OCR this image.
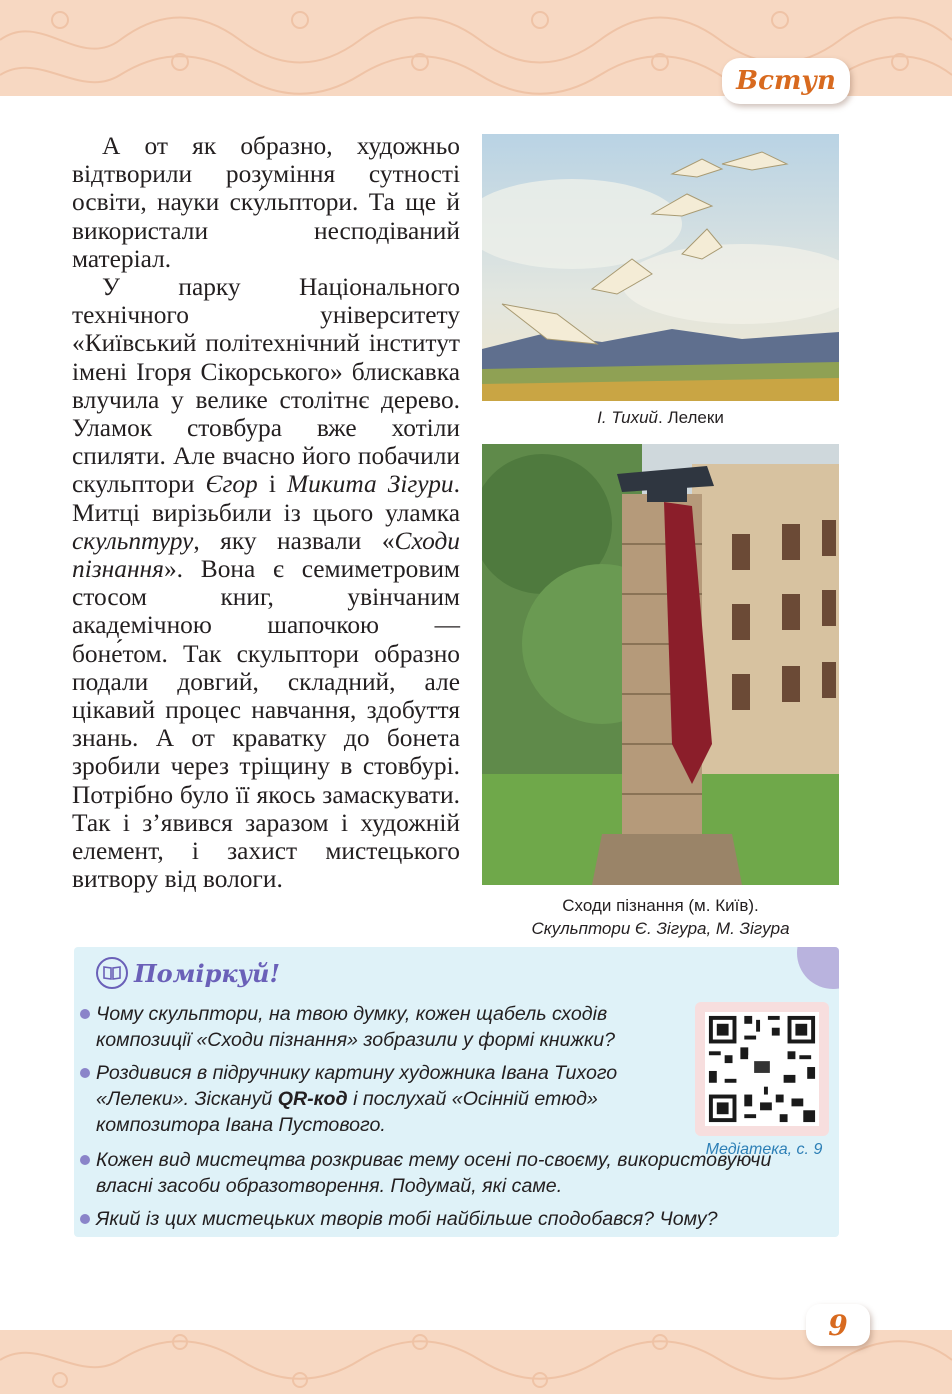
Вступ

А от як образно, художньо відтворили розуміння сутності освіти, науки ску́льптори. Та ще й використали несподіваний матеріал.

У парку Національного технічного університету «Київський політехнічний інститут імені Ігоря Сікорського» блискавка влучила у велике столітнє дерево. Уламок стовбура вже хотіли спиляти. Але вчасно його побачили скульптори Єгор і Микита Зігури. Митці вирізьбили із цього уламка скульптуру, яку назвали «Сходи пізнання». Вона є семиметровим стосом книг, увінчаним академічною шапочкою — боне́том. Так скульптори образно подали довгий, складний, але цікавий процес навчання, здобуття знань. А от краватку до бонета зробили через тріщину в стовбурі. Потрібно було її якось замаскувати. Так і з’явився заразом і художній елемент, і захист мистецького витвору від вологи.

І. Тихий. Лелеки
Сходи пізнання (м. Київ).
Скульптори Є. Зігура, М. Зігура
Поміркуй!
Чому скульптори, на твою думку, кожен щабель сходів композиції «Сходи пізнання» зобразили у формі книжки?
Роздивися в підручнику картину художника Івана Тихого «Лелеки». Зіскануй QR-код і послухай «Осінній етюд» композитора Івана Пустового.
Кожен вид мистецтва розкриває тему осені по-своєму, використовуючи власні засоби образотворення. Подумай, які саме.
Який із цих мистецьких творів тобі найбільше сподобався? Чому?
Медіатека, с. 9
9
